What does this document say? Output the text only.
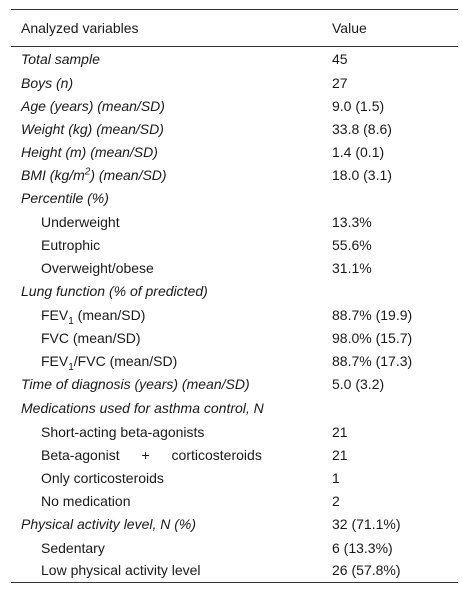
Analyzed variables	Value
Total sample	45
Boys (n)	27
Age (years) (mean/SD)	9.0 (1.5)
Weight (kg) (mean/SD)	33.8 (8.6)
Height (m) (mean/SD)	1.4 (0.1)
BMI $(kg/m^2)$ (mean/SD)	18.0 (3.1)
Percentile (%)	
Underweight	13.3%
Eutrophic	55.6%
Overweight/obese	31.1%
Lung function (% of predicted)	
$FEV_1$ (mean/SD)	88.7% (19.9)
FVC (mean/SD)	98.0% (15.7)
$FEV_1$/FVC (mean/SD)	88.7% (17.3)
Time of diagnosis (years) (mean/SD)	5.0 (3.2)
Medications used for asthma control, N	
Short-acting beta-agonists	21
Beta-agonist + corticosteroids	21
Only corticosteroids	1
No medication	2
Physical activity level, N (%)	32 (71.1%)
Sedentary	6 (13.3%)
Low physical activity level	26 (57.8%)
